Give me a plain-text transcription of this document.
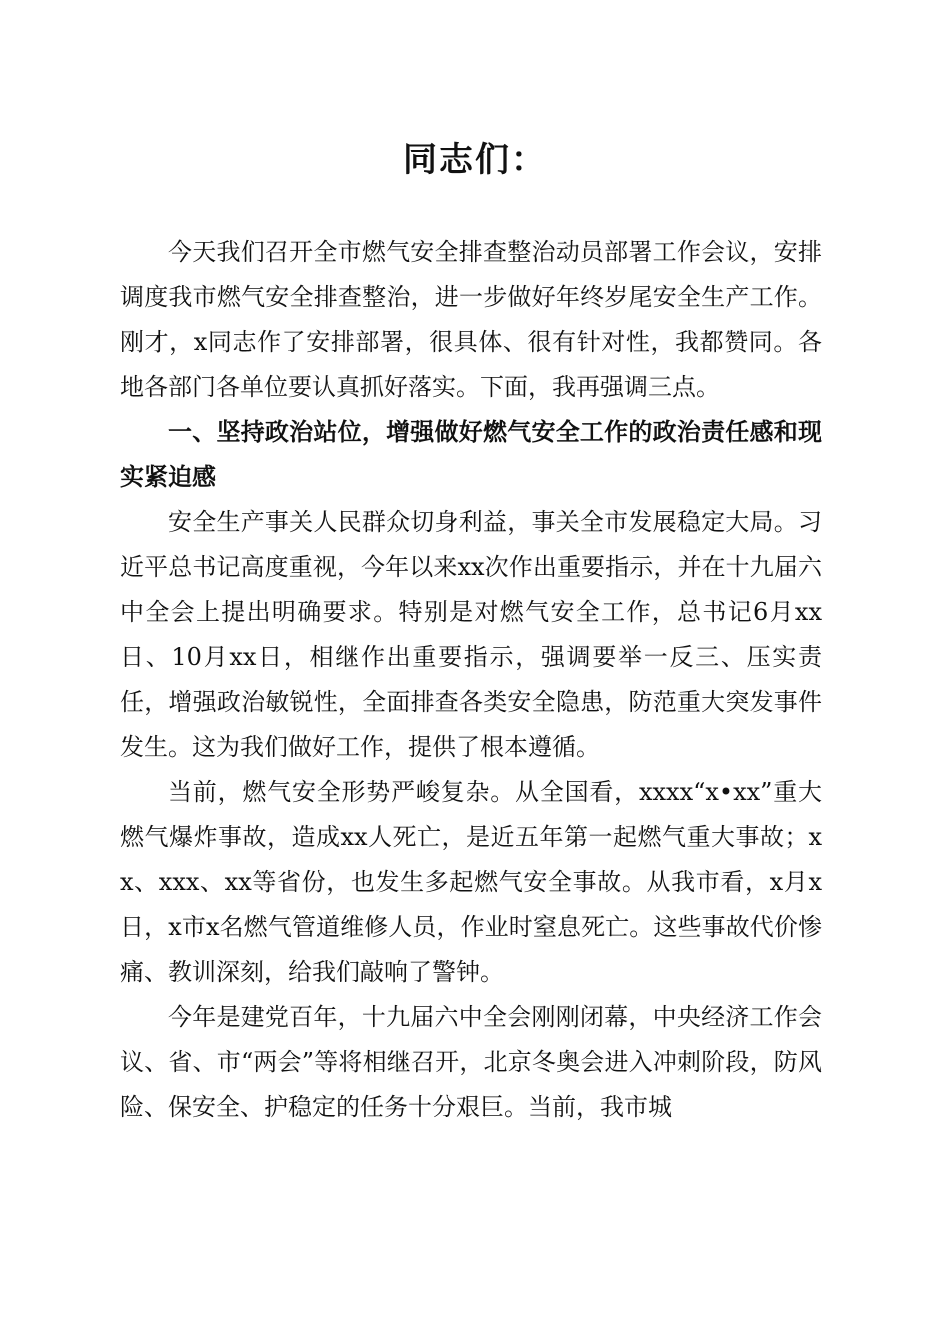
同志们：

今天我们召开全市燃气安全排查整治动员部署工作会议，安排调度我市燃气安全排查整治，进一步做好年终岁尾安全生产工作。刚才，x同志作了安排部署，很具体、很有针对性，我都赞同。各地各部门各单位要认真抓好落实。下面，我再强调三点。

一、坚持政治站位，增强做好燃气安全工作的政治责任感和现实紧迫感

安全生产事关人民群众切身利益，事关全市发展稳定大局。习近平总书记高度重视，今年以来xx次作出重要指示，并在十九届六中全会上提出明确要求。特别是对燃气安全工作，总书记6月xx日、10月xx日，相继作出重要指示，强调要举一反三、压实责任，增强政治敏锐性，全面排查各类安全隐患，防范重大突发事件发生。这为我们做好工作，提供了根本遵循。

当前，燃气安全形势严峻复杂。从全国看，xxxx“x•xx”重大燃气爆炸事故，造成xx人死亡，是近五年第一起燃气重大事故；xx、xxx、xx等省份，也发生多起燃气安全事故。从我市看，x月x日，x市x名燃气管道维修人员，作业时窒息死亡。这些事故代价惨痛、教训深刻，给我们敲响了警钟。

今年是建党百年，十九届六中全会刚刚闭幕，中央经济工作会议、省、市“两会”等将相继召开，北京冬奥会进入冲刺阶段，防风险、保安全、护稳定的任务十分艰巨。当前，我市城
